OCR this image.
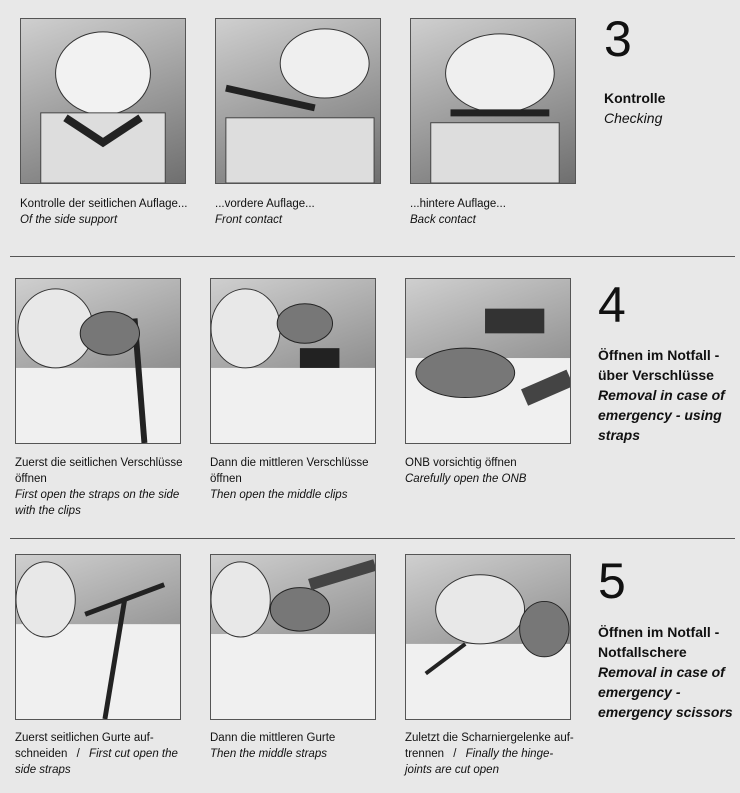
Kontrolle der seitlichen Auflage...
Of the side support
...vordere Auflage...
Front contact
...hintere Auflage...
Back contact
3
Kontrolle
Checking
Zuerst die seitlichen Verschlüsse öffnen
First open the straps on the side with the clips
Dann die mittleren Verschlüsse öffnen
Then open the middle clips
ONB vorsichtig öffnen
Carefully open the ONB
4
Öffnen im Notfall - über Verschlüsse
Removal in case of emergency - using straps
Zuerst seitlichen Gurte auf-schneiden / First cut open the side straps
Dann die mittleren Gurte
Then the middle straps
Zuletzt die Scharniergelenke auf-trennen / Finally the hinge-joints are cut open
5
Öffnen im Notfall - Notfallschere
Removal in case of emergency - emergency scissors
